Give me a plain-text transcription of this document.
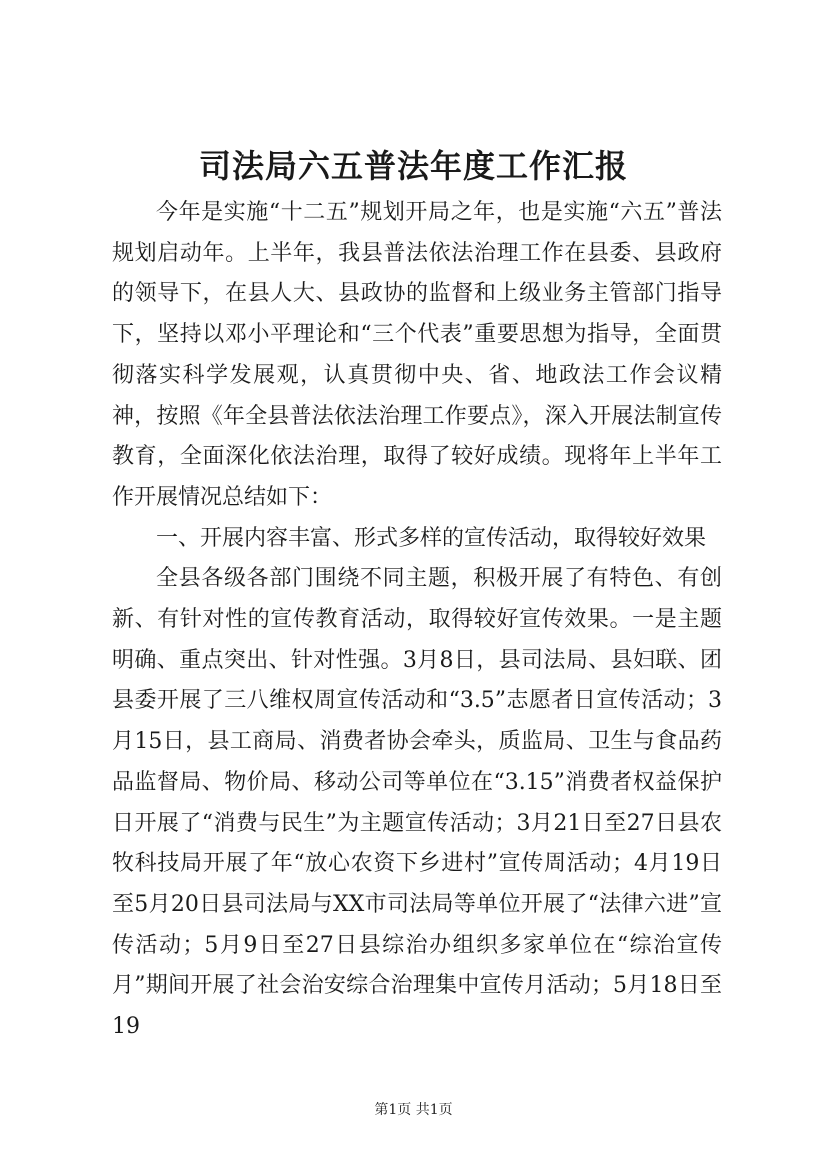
司法局六五普法年度工作汇报

今年是实施“十二五”规划开局之年，也是实施“六五”普法规划启动年。上半年，我县普法依法治理工作在县委、县政府的领导下，在县人大、县政协的监督和上级业务主管部门指导下，坚持以邓小平理论和“三个代表”重要思想为指导，全面贯彻落实科学发展观，认真贯彻中央、省、地政法工作会议精神，按照《年全县普法依法治理工作要点》，深入开展法制宣传教育，全面深化依法治理，取得了较好成绩。现将年上半年工作开展情况总结如下：

一、开展内容丰富、形式多样的宣传活动，取得较好效果

全县各级各部门围绕不同主题，积极开展了有特色、有创新、有针对性的宣传教育活动，取得较好宣传效果。一是主题明确、重点突出、针对性强。3月8日，县司法局、县妇联、团县委开展了三八维权周宣传活动和“3.5”志愿者日宣传活动；3月15日，县工商局、消费者协会牵头，质监局、卫生与食品药品监督局、物价局、移动公司等单位在“3.15”消费者权益保护日开展了“消费与民生”为主题宣传活动；3月21日至27日县农牧科技局开展了年“放心农资下乡进村”宣传周活动；4月19日至5月20日县司法局与XX市司法局等单位开展了“法律六进”宣传活动；5月9日至27日县综治办组织多家单位在“综治宣传月”期间开展了社会治安综合治理集中宣传月活动；5月18日至19

第1页 共1页
